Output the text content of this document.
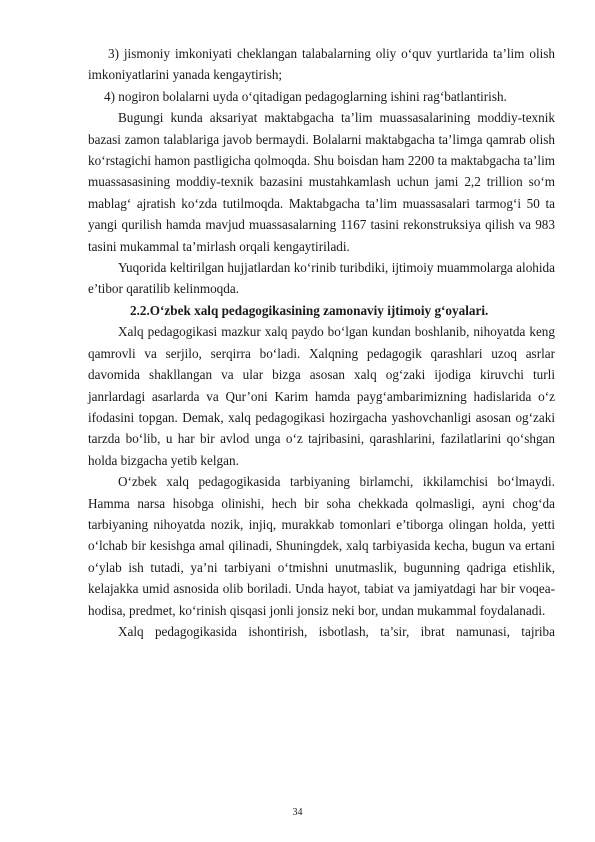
3) jismoniy imkoniyati cheklangan talabalarning oliy o‘quv yurtlarida ta’lim olish imkoniyatlarini yanada kengaytirish;

4) nogiron bolalarni uyda o‘qitadigan pedagoglarning ishini rag‘batlantirish.

Bugungi kunda aksariyat maktabgacha ta’lim muassasalarining moddiy-texnik bazasi zamon talablariga javob bermaydi. Bolalarni maktabgacha ta’limga qamrab olish ko‘rstagichi hamon pastligicha qolmoqda. Shu boisdan ham 2200 ta maktabgacha ta’lim muassasasining moddiy-texnik bazasini mustahkamlash uchun jami 2,2 trillion so‘m mablag‘ ajratish ko‘zda tutilmoqda. Maktabgacha ta’lim muassasalari tarmog‘i 50 ta yangi qurilish hamda mavjud muassasalarning 1167 tasini rekonstruksiya qilish va 983 tasini mukammal ta’mirlash orqali kengaytiriladi.

Yuqorida keltirilgan hujjatlardan ko‘rinib turibdiki, ijtimoiy muammolarga alohida e’tibor qaratilib kelinmoqda.

2.2.O‘zbek xalq pedagogikasining zamonaviy ijtimoiy g‘oyalari.

Xalq pedagogikasi mazkur xalq paydo bo‘lgan kundan boshlanib, nihoyatda keng qamrovli va serjilo, serqirra bo‘ladi. Xalqning pedagogik qarashlari uzoq asrlar davomida shakllangan va ular bizga asosan xalq og‘zaki ijodiga kiruvchi turli janrlardagi asarlarda va Qur’oni Karim hamda payg‘ambarimizning hadislarida o‘z ifodasini topgan. Demak, xalq pedagogikasi hozirgacha yashovchanligi asosan og‘zaki tarzda bo‘lib, u har bir avlod unga o‘z tajribasini, qarashlarini, fazilatlarini qo‘shgan holda bizgacha yetib kelgan.

O‘zbek xalq pedagogikasida tarbiyaning birlamchi, ikkilamchisi bo‘lmaydi. Hamma narsa hisobga olinishi, hech bir soha chekkada qolmasligi, ayni chog‘da tarbiyaning nihoyatda nozik, injiq, murakkab tomonlari e’tiborga olingan holda, yetti o‘lchab bir kesishga amal qilinadi, Shuningdek, xalq tarbiyasida kecha, bugun va ertani o‘ylab ish tutadi, ya’ni tarbiyani o‘tmishni unutmaslik, bugunning qadriga etishlik, kelajakka umid asnosida olib boriladi. Unda hayot, tabiat va jamiyatdagi har bir voqea-hodisa, predmet, ko‘rinish qisqasi jonli jonsiz neki bor, undan mukammal foydalanadi.

Xalq pedagogikasida ishontirish, isbotlash, ta’sir, ibrat namunasi, tajriba

34
